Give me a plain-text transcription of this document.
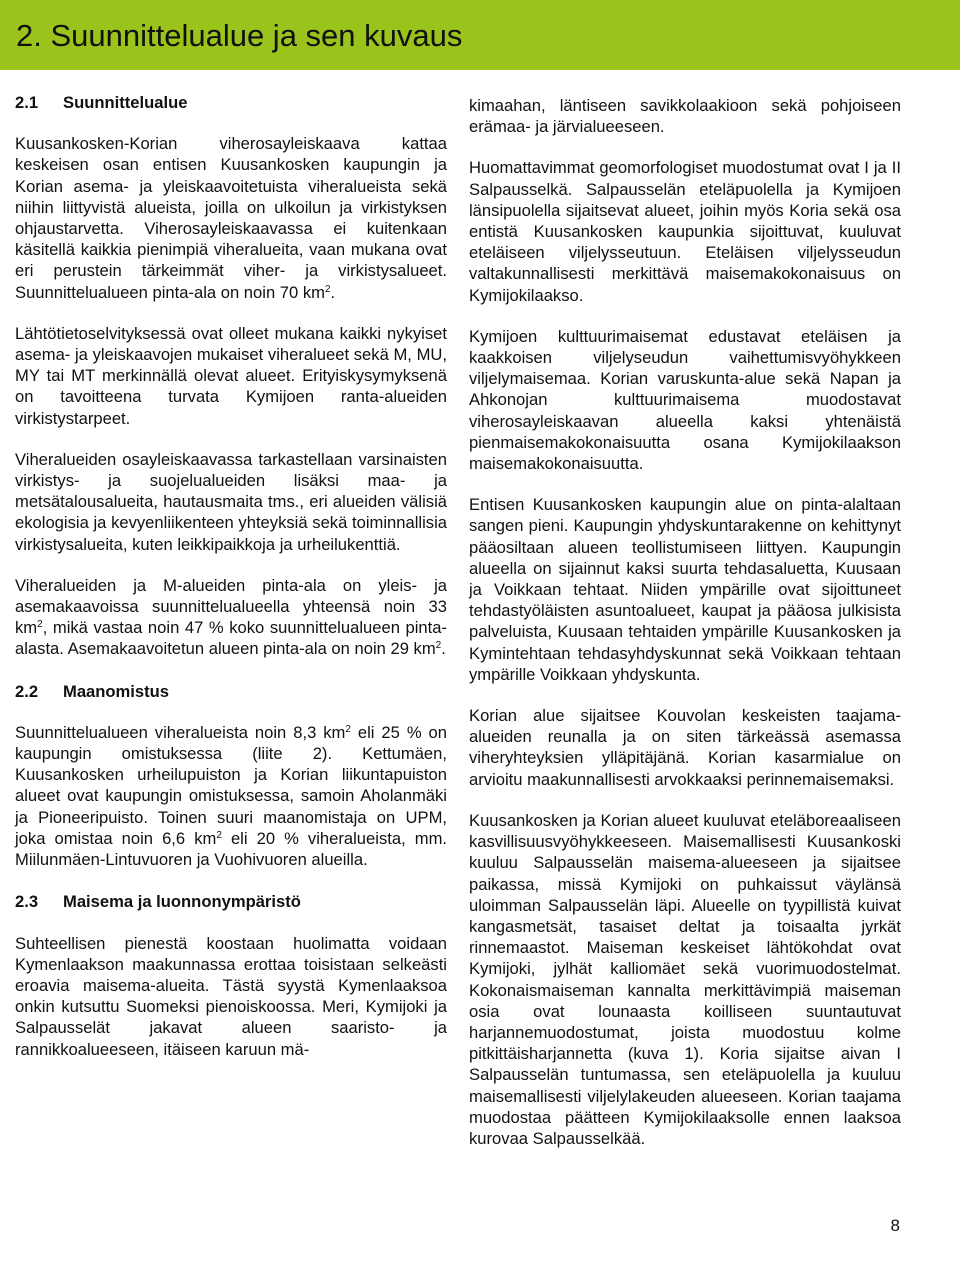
2. Suunnittelualue ja sen kuvaus
2.1 Suunnittelualue

Kuusankosken-Korian viherosayleiskaava kattaa keskeisen osan entisen Kuusankosken kaupungin ja Korian asema- ja yleiskaavoitetuista viheralueista sekä niihin liittyvistä alueista, joilla on ulkoilun ja virkistyksen ohjaustarvetta. Viherosayleiskaavassa ei kuitenkaan käsitellä kaikkia pienimpiä viheralueita, vaan mukana ovat eri perustein tärkeimmät viher- ja virkistysalueet. Suunnittelualueen pinta-ala on noin 70 $km^2$.

Lähtötietoselvityksessä ovat olleet mukana kaikki nykyiset asema- ja yleiskaavojen mukaiset viheralueet sekä M, MU, MY tai MT merkinnällä olevat alueet. Erityiskysymyksenä on tavoitteena turvata Kymijoen ranta-alueiden virkistystarpeet.

Viheralueiden osayleiskaavassa tarkastellaan varsinaisten virkistys- ja suojelualueiden lisäksi maa- ja metsätalousalueita, hautausmaita tms., eri alueiden välisiä ekologisia ja kevyenliikenteen yhteyksiä sekä toiminnallisia virkistysalueita, kuten leikkipaikkoja ja urheilukenttiä.

Viheralueiden ja M-alueiden pinta-ala on yleis- ja asemakaavoissa suunnittelualueella yhteensä noin 33 $km^2$, mikä vastaa noin 47 % koko suunnittelualueen pinta-alasta. Asemakaavoitetun alueen pinta-ala on noin 29 $km^2$.

2.2 Maanomistus

Suunnittelualueen viheralueista noin 8,3 $km^2$ eli 25 % on kaupungin omistuksessa (liite 2). Kettumäen, Kuusankosken urheilupuiston ja Korian liikuntapuiston alueet ovat kaupungin omistuksessa, samoin Aholanmäki ja Pioneeripuisto. Toinen suuri maanomistaja on UPM, joka omistaa noin 6,6 $km^2$ eli 20 % viheralueista, mm. Miilunmäen-Lintuvuoren ja Vuohivuoren alueilla.

2.3 Maisema ja luonnonympäristö

Suhteellisen pienestä koostaan huolimatta voidaan Kymenlaakson maakunnassa erottaa toisistaan selkeästi eroavia maisema-alueita. Tästä syystä Kymenlaaksoa onkin kutsuttu Suomeksi pienoiskoossa. Meri, Kymijoki ja Salpausselät jakavat alueen saaristo- ja rannikkoalueeseen, itäiseen karuun mä-

kimaahan, läntiseen savikkolaakioon sekä pohjoiseen erämaa- ja järvialueeseen.

Huomattavimmat geomorfologiset muodostumat ovat I ja II Salpausselkä. Salpausselän eteläpuolella ja Kymijoen länsipuolella sijaitsevat alueet, joihin myös Koria sekä osa entistä Kuusankosken kaupunkia sijoittuvat, kuuluvat eteläiseen viljelysseutuun. Eteläisen viljelysseudun valtakunnallisesti merkittävä maisemakokonaisuus on Kymijokilaakso.

Kymijoen kulttuurimaisemat edustavat eteläisen ja kaakkoisen viljelyseudun vaihettumisvyöhykkeen viljelymaisemaa. Korian varuskunta-alue sekä Napan ja Ahkonojan kulttuurimaisema muodostavat viherosayleiskaavan alueella kaksi yhtenäistä pienmaisemakokonaisuutta osana Kymijokilaakson maisemakokonaisuutta.

Entisen Kuusankosken kaupungin alue on pinta-alaltaan sangen pieni. Kaupungin yhdyskuntarakenne on kehittynyt pääosiltaan alueen teollistumiseen liittyen. Kaupungin alueella on sijainnut kaksi suurta tehdasaluetta, Kuusaan ja Voikkaan tehtaat. Niiden ympärille ovat sijoittuneet tehdastyöläisten asuntoalueet, kaupat ja pääosa julkisista palveluista, Kuusaan tehtaiden ympärille Kuusankosken ja Kymintehtaan tehdasyhdyskunnat sekä Voikkaan tehtaan ympärille Voikkaan yhdyskunta.

Korian alue sijaitsee Kouvolan keskeisten taajama-alueiden reunalla ja on siten tärkeässä asemassa viheryhteyksien ylläpitäjänä. Korian kasarmialue on arvioitu maakunnallisesti arvokkaaksi perinnemaisemaksi.

Kuusankosken ja Korian alueet kuuluvat eteläboreaaliseen kasvillisuusvyöhykkeeseen. Maisemallisesti Kuusankoski kuuluu Salpausselän maisema-alueeseen ja sijaitsee paikassa, missä Kymijoki on puhkaissut väylänsä uloimman Salpausselän läpi. Alueelle on tyypillistä kuivat kangasmetsät, tasaiset deltat ja toisaalta jyrkät rinnemaastot. Maiseman keskeiset lähtökohdat ovat Kymijoki, jylhät kalliomäet sekä vuorimuodostelmat. Kokonaismaiseman kannalta merkittävimpiä maiseman osia ovat lounaasta koilliseen suuntautuvat harjannemuodostumat, joista muodostuu kolme pitkittäisharjannetta (kuva 1). Koria sijaitse aivan I Salpausselän tuntumassa, sen eteläpuolella ja kuuluu maisemallisesti viljelylakeuden alueeseen. Korian taajama muodostaa päätteen Kymijokilaaksolle ennen laaksoa kurovaa Salpausselkää.

8
